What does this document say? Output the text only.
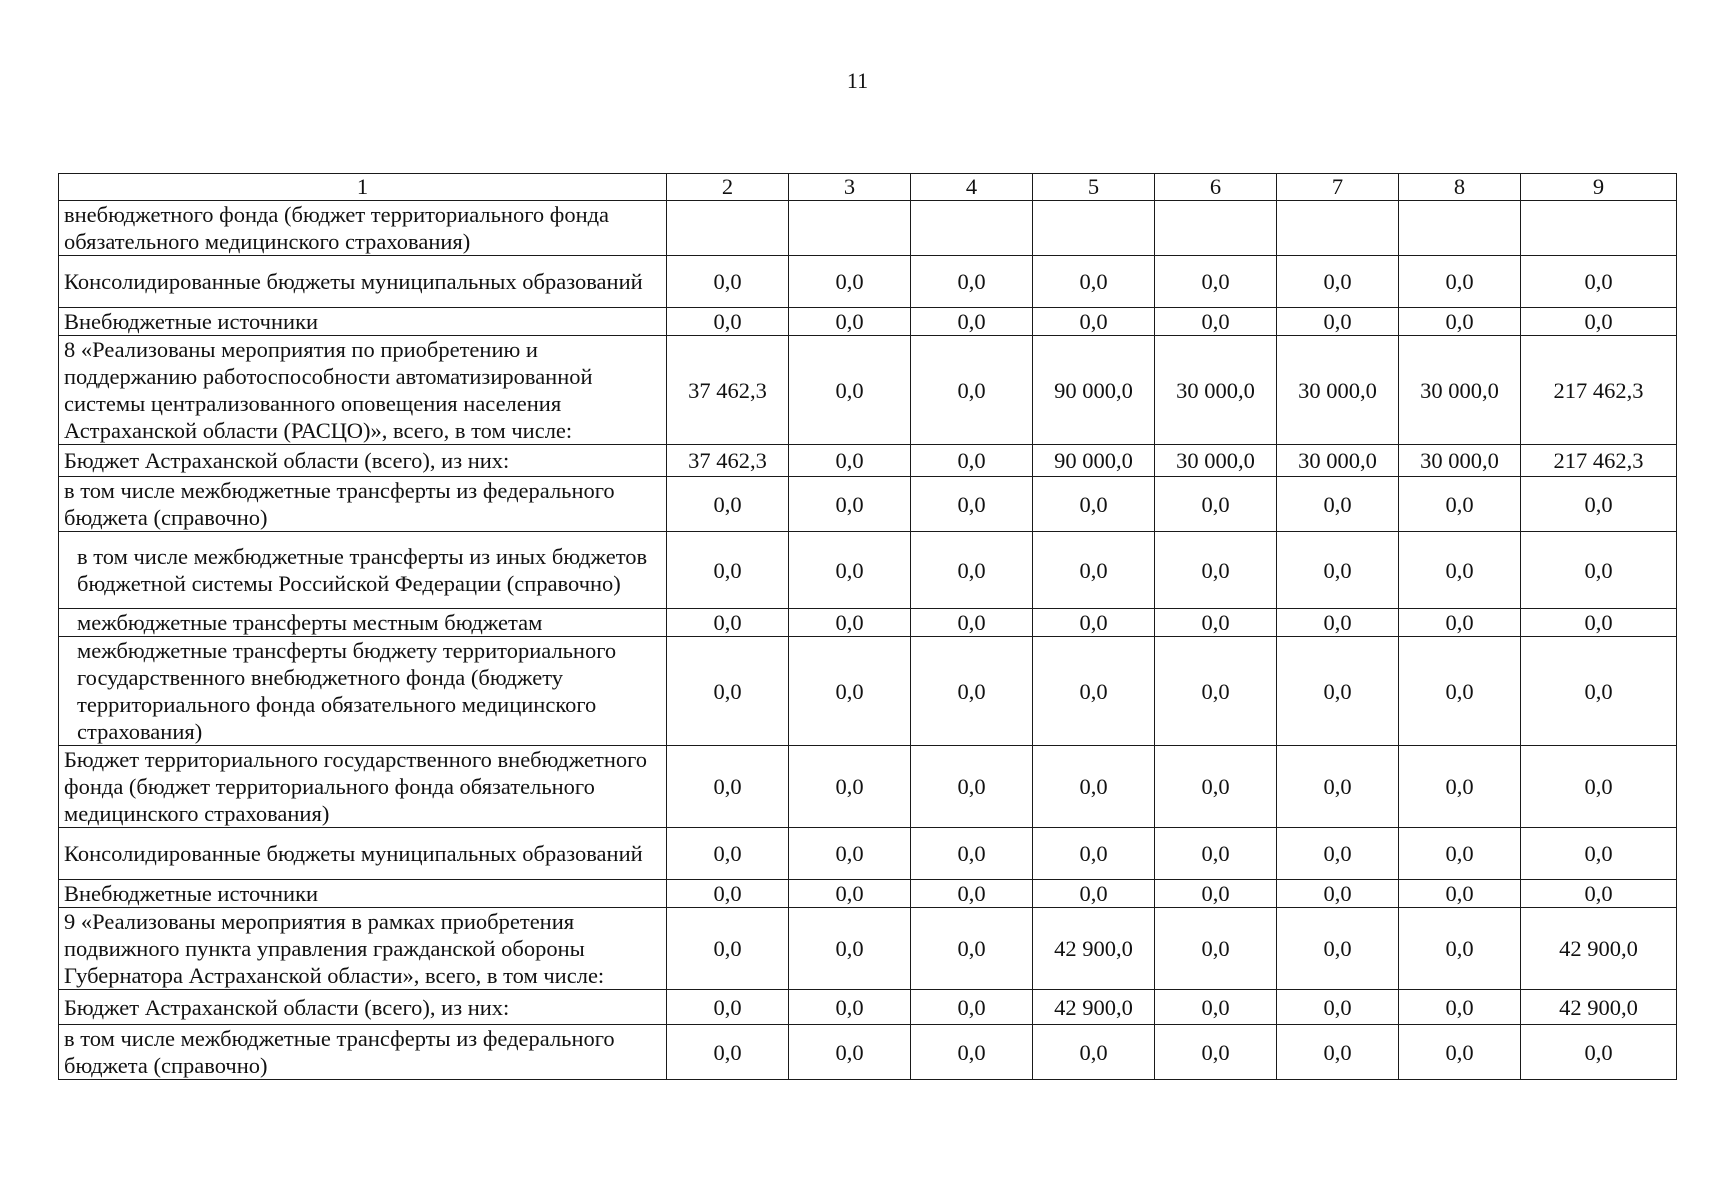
11
1	2	3	4	5	6	7	8	9
внебюджетного фонда (бюджет территориального фонда обязательного медицинского страхования)								
Консолидированные бюджеты муниципальных образований	0,0	0,0	0,0	0,0	0,0	0,0	0,0	0,0
Внебюджетные источники	0,0	0,0	0,0	0,0	0,0	0,0	0,0	0,0
8 «Реализованы мероприятия по приобретению и поддержанию работоспособности автоматизированной системы централизованного оповещения населения Астраханской области (РАСЦО)», всего, в том числе:	37 462,3	0,0	0,0	90 000,0	30 000,0	30 000,0	30 000,0	217 462,3
Бюджет Астраханской области (всего), из них:	37 462,3	0,0	0,0	90 000,0	30 000,0	30 000,0	30 000,0	217 462,3
в том числе межбюджетные трансферты из федерального бюджета (справочно)	0,0	0,0	0,0	0,0	0,0	0,0	0,0	0,0
в том числе межбюджетные трансферты из иных бюджетов бюджетной системы Российской Федерации (справочно)	0,0	0,0	0,0	0,0	0,0	0,0	0,0	0,0
межбюджетные трансферты местным бюджетам	0,0	0,0	0,0	0,0	0,0	0,0	0,0	0,0
межбюджетные трансферты бюджету территориального государственного внебюджетного фонда (бюджету территориального фонда обязательного медицинского страхования)	0,0	0,0	0,0	0,0	0,0	0,0	0,0	0,0
Бюджет территориального государственного внебюджетного фонда (бюджет территориального фонда обязательного медицинского страхования)	0,0	0,0	0,0	0,0	0,0	0,0	0,0	0,0
Консолидированные бюджеты муниципальных образований	0,0	0,0	0,0	0,0	0,0	0,0	0,0	0,0
Внебюджетные источники	0,0	0,0	0,0	0,0	0,0	0,0	0,0	0,0
9 «Реализованы мероприятия в рамках приобретения подвижного пункта управления гражданской обороны Губернатора Астраханской области», всего, в том числе:	0,0	0,0	0,0	42 900,0	0,0	0,0	0,0	42 900,0
Бюджет Астраханской области (всего), из них:	0,0	0,0	0,0	42 900,0	0,0	0,0	0,0	42 900,0
в том числе межбюджетные трансферты из федерального бюджета (справочно)	0,0	0,0	0,0	0,0	0,0	0,0	0,0	0,0
